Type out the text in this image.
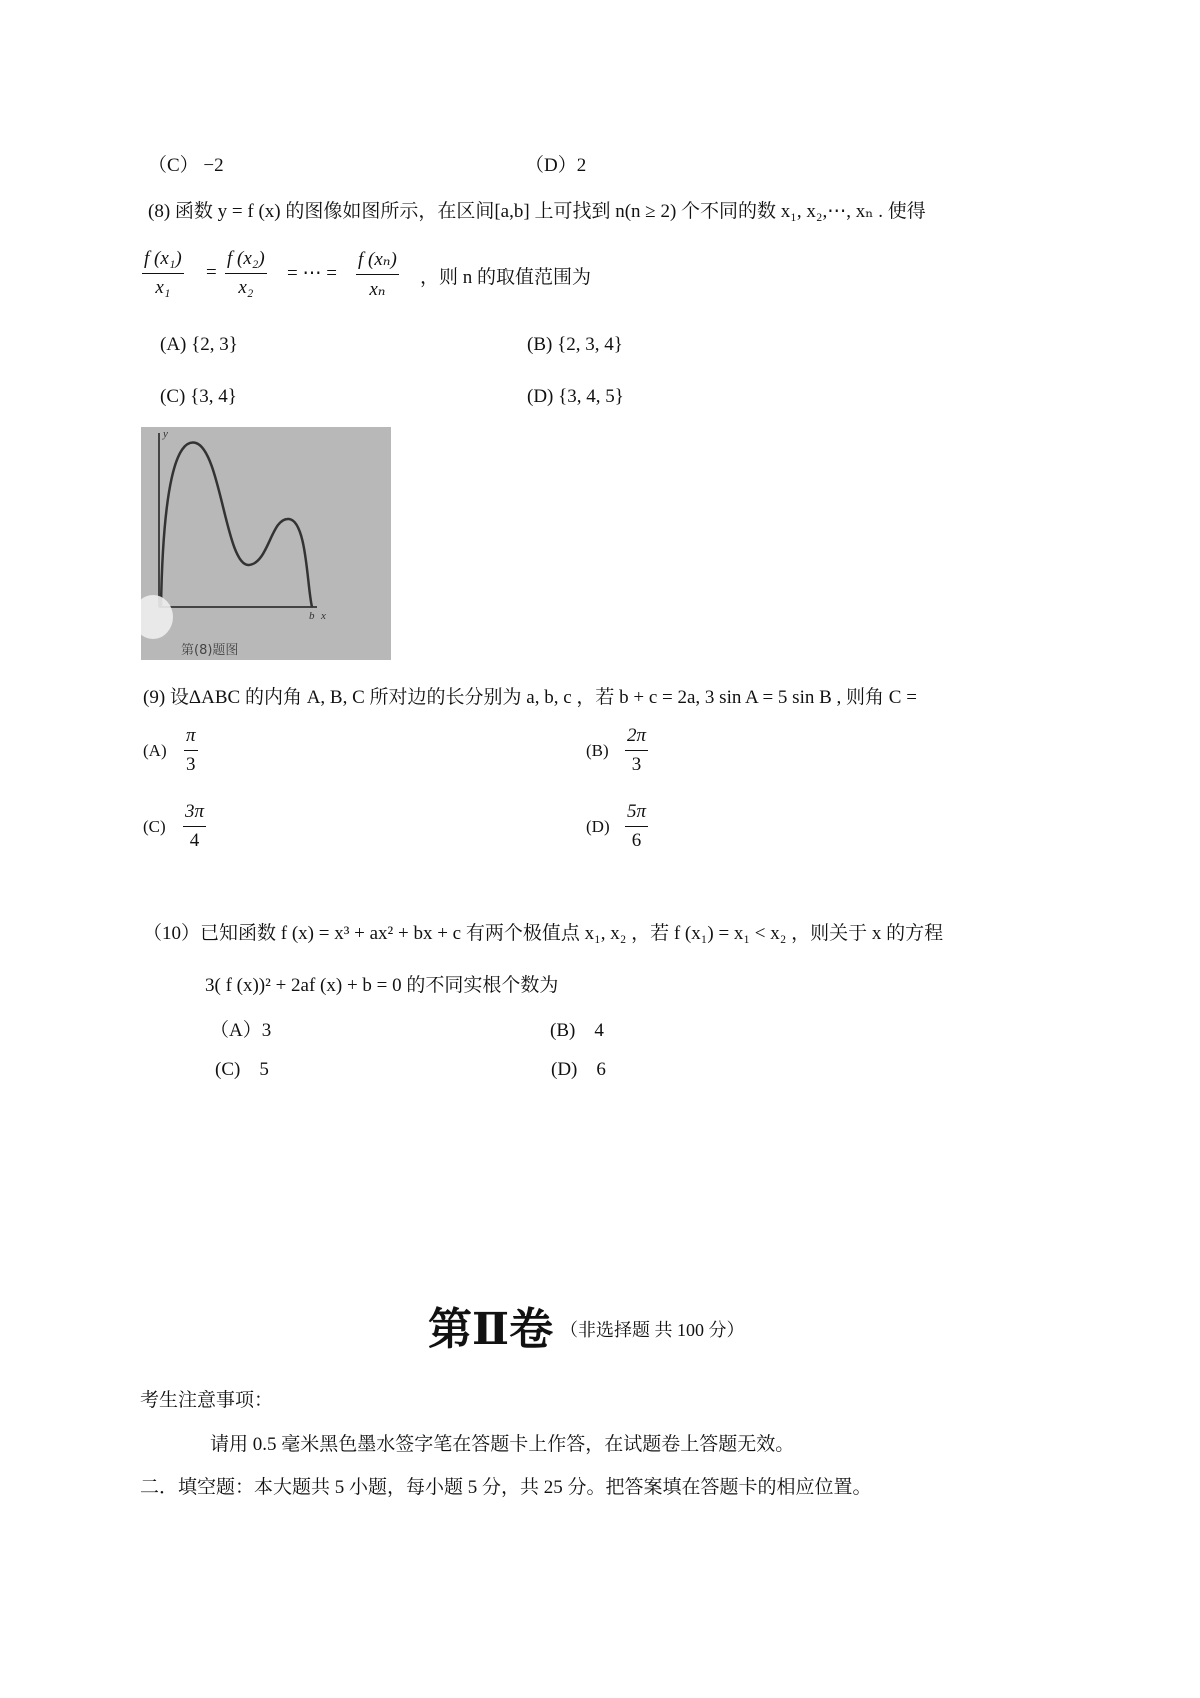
（C） −2	（D）2
(8) 函数 y = f (x) 的图像如图所示，在区间[a,b] 上可找到 n(n ≥ 2) 个不同的数 x₁, x₂,⋯, xₙ . 使得
$\frac{\text{f (x₁)}}{\text{x₁}} = \frac{\text{f (x₂)}}{\text{x₂}}$ = ⋯ = $\frac{\text{f (xₙ)}}{\text{xₙ}}$ ，则 n 的取值范围为
(A) {2, 3}	(B) {2, 3, 4}
(C) {3, 4}	(D) {3, 4, 5}
y
b x
第(8)题图
(9) 设ΔABC 的内角 A, B, C 所对边的长分别为 a, b, c ，若 b + c = 2a, 3 sin A = 5 sin B , 则角 C =
$(A) \frac{\pi}{3}$	$(B) \frac{2\pi}{3}$
$(C) \frac{3\pi}{4}$	$(D) \frac{5\pi}{6}$
（10）已知函数 f (x) = x³ + ax² + bx + c 有两个极值点 x₁, x₂ ，若 f (x₁) = x₁ < x₂ ，则关于 x 的方程
3( f (x))² + 2af (x) + b = 0 的不同实根个数为
（A）3	(B)　4
(C)　5	(D)　6
第Ⅱ卷 （非选择题 共 100 分）
考生注意事项：
请用 0.5 毫米黑色墨水签字笔在答题卡上作答，在试题卷上答题无效。
二．填空题：本大题共 5 小题，每小题 5 分，共 25 分。把答案填在答题卡的相应位置。
